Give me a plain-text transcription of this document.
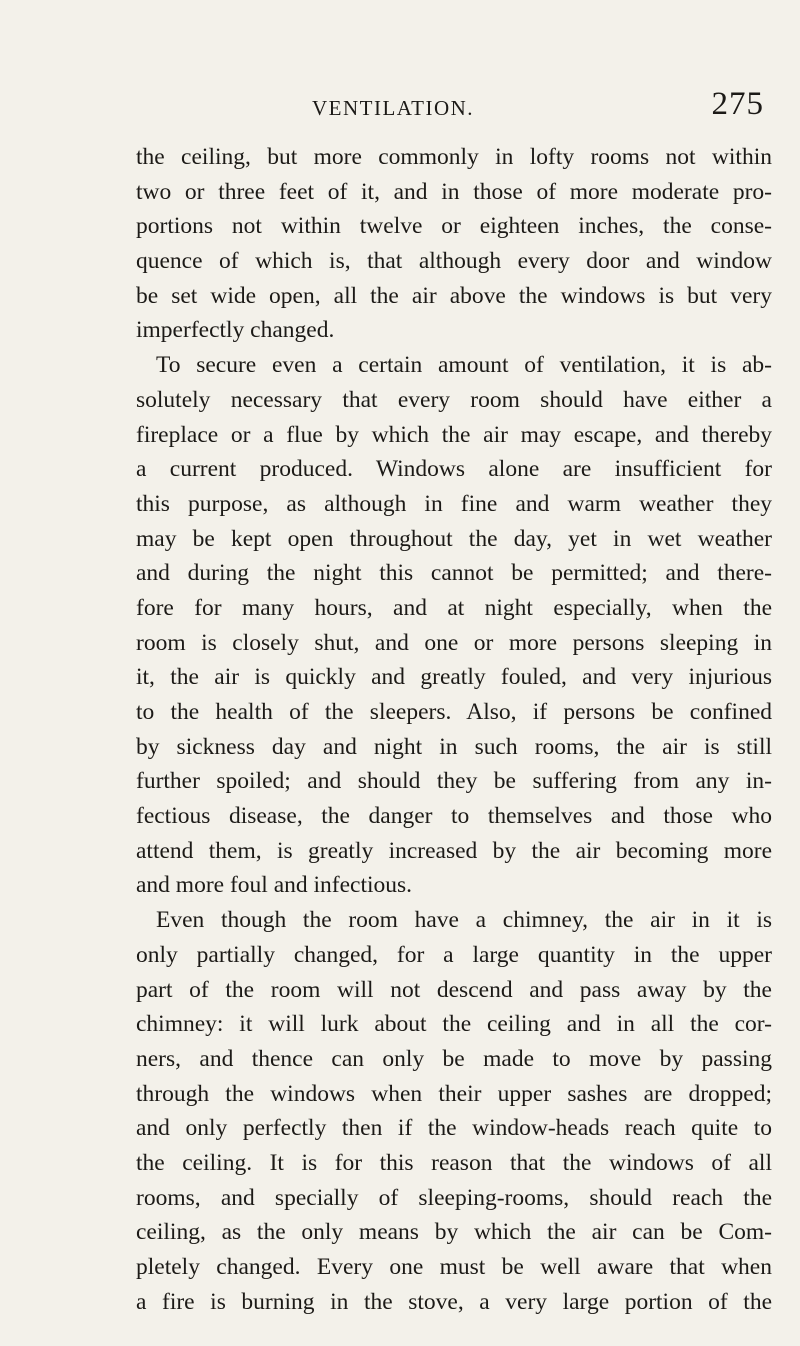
VENTILATION.	275
the ceiling, but more commonly in lofty rooms not within
two or three feet of it, and in those of more moderate pro-
portions not within twelve or eighteen inches, the conse-
quence of which is, that although every door and window
be set wide open, all the air above the windows is but very
imperfectly changed.
To secure even a certain amount of ventilation, it is ab-
solutely necessary that every room should have either a
fireplace or a flue by which the air may escape, and thereby
a current produced. Windows alone are insufficient for
this purpose, as although in fine and warm weather they
may be kept open throughout the day, yet in wet weather
and during the night this cannot be permitted; and there-
fore for many hours, and at night especially, when the
room is closely shut, and one or more persons sleeping in
it, the air is quickly and greatly fouled, and very injurious
to the health of the sleepers. Also, if persons be confined
by sickness day and night in such rooms, the air is still
further spoiled; and should they be suffering from any in-
fectious disease, the danger to themselves and those who
attend them, is greatly increased by the air becoming more
and more foul and infectious.
Even though the room have a chimney, the air in it is
only partially changed, for a large quantity in the upper
part of the room will not descend and pass away by the
chimney: it will lurk about the ceiling and in all the cor-
ners, and thence can only be made to move by passing
through the windows when their upper sashes are dropped;
and only perfectly then if the window-heads reach quite to
the ceiling. It is for this reason that the windows of all
rooms, and specially of sleeping-rooms, should reach the
ceiling, as the only means by which the air can be Com-
pletely changed. Every one must be well aware that when
a fire is burning in the stove, a very large portion of the
